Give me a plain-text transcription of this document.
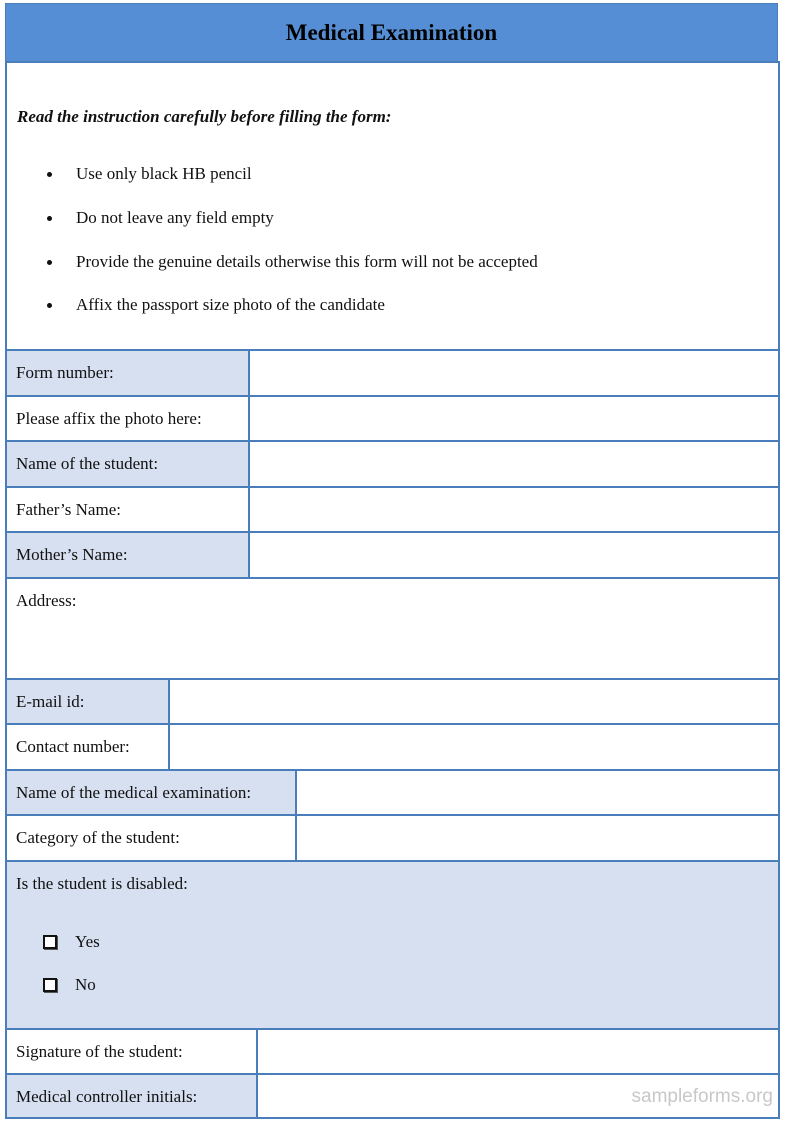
Medical Examination
Read the instruction carefully before filling the form:
Use only black HB pencil
Do not leave any field empty
Provide the genuine details otherwise this form will not be accepted
Affix the passport size photo of the candidate
Form number:
Please affix the photo here:
Name of the student:
Father’s Name:
Mother’s Name:
Address:
E-mail id:
Contact number:
Name of the medical examination:
Category of the student:
Is the student is disabled:
Yes
No
Signature of the student:
Medical controller initials:	sampleforms.org
